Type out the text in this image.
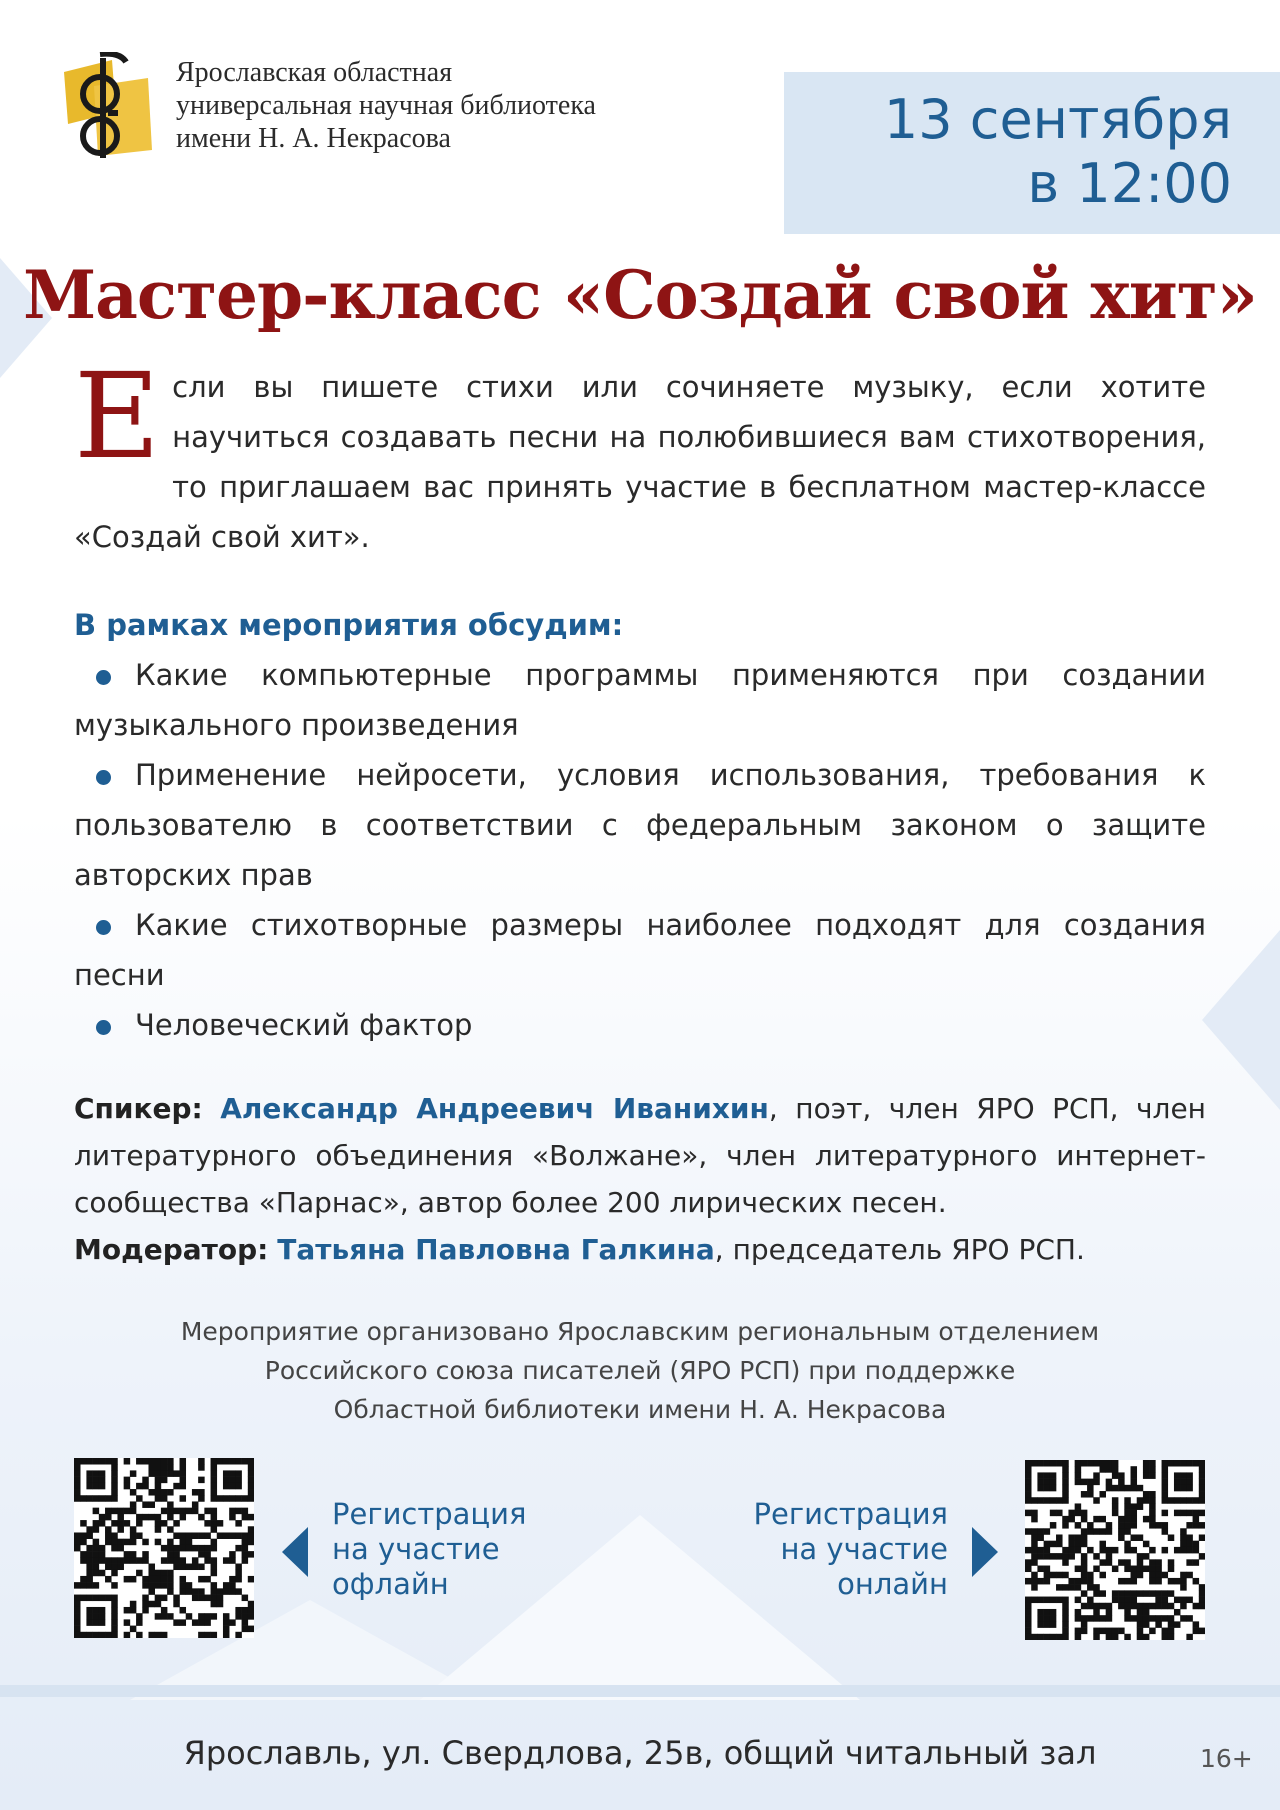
Ярославская областная
универсальная научная библиотека
имени Н. А. Некрасова	13 сентября
в 12:00
Мастер-класс «Создай свой хит»
Если вы пишете стихи или сочиняете музыку, если хотите научиться создавать песни на полюбившиеся вам стихотворения, то приглашаем вас принять участие в бесплатном мастер-классе «Создай свой хит».
В рамках мероприятия обсудим:
Какие компьютерные программы применяются при создании музыкального произведения
Применение нейросети, условия использования, требования к пользователю в соответствии с федеральным законом о защите авторских прав
Какие стихотворные размеры наиболее подходят для создания песни
Человеческий фактор
Спикер: Александр Андреевич Иванихин, поэт, член ЯРО РСП, член литературного объединения «Волжане», член литературного интернет-сообщества «Парнас», автор более 200 лирических песен.
Модератор: Татьяна Павловна Галкина, председатель ЯРО РСП.
Мероприятие организовано Ярославским региональным отделением
Российского союза писателей (ЯРО РСП) при поддержке
Областной библиотеки имени Н. А. Некрасова
Регистрация
на участие
офлайн
Регистрация
на участие
онлайн
Ярославль, ул. Свердлова, 25в, общий читальный зал	16+
